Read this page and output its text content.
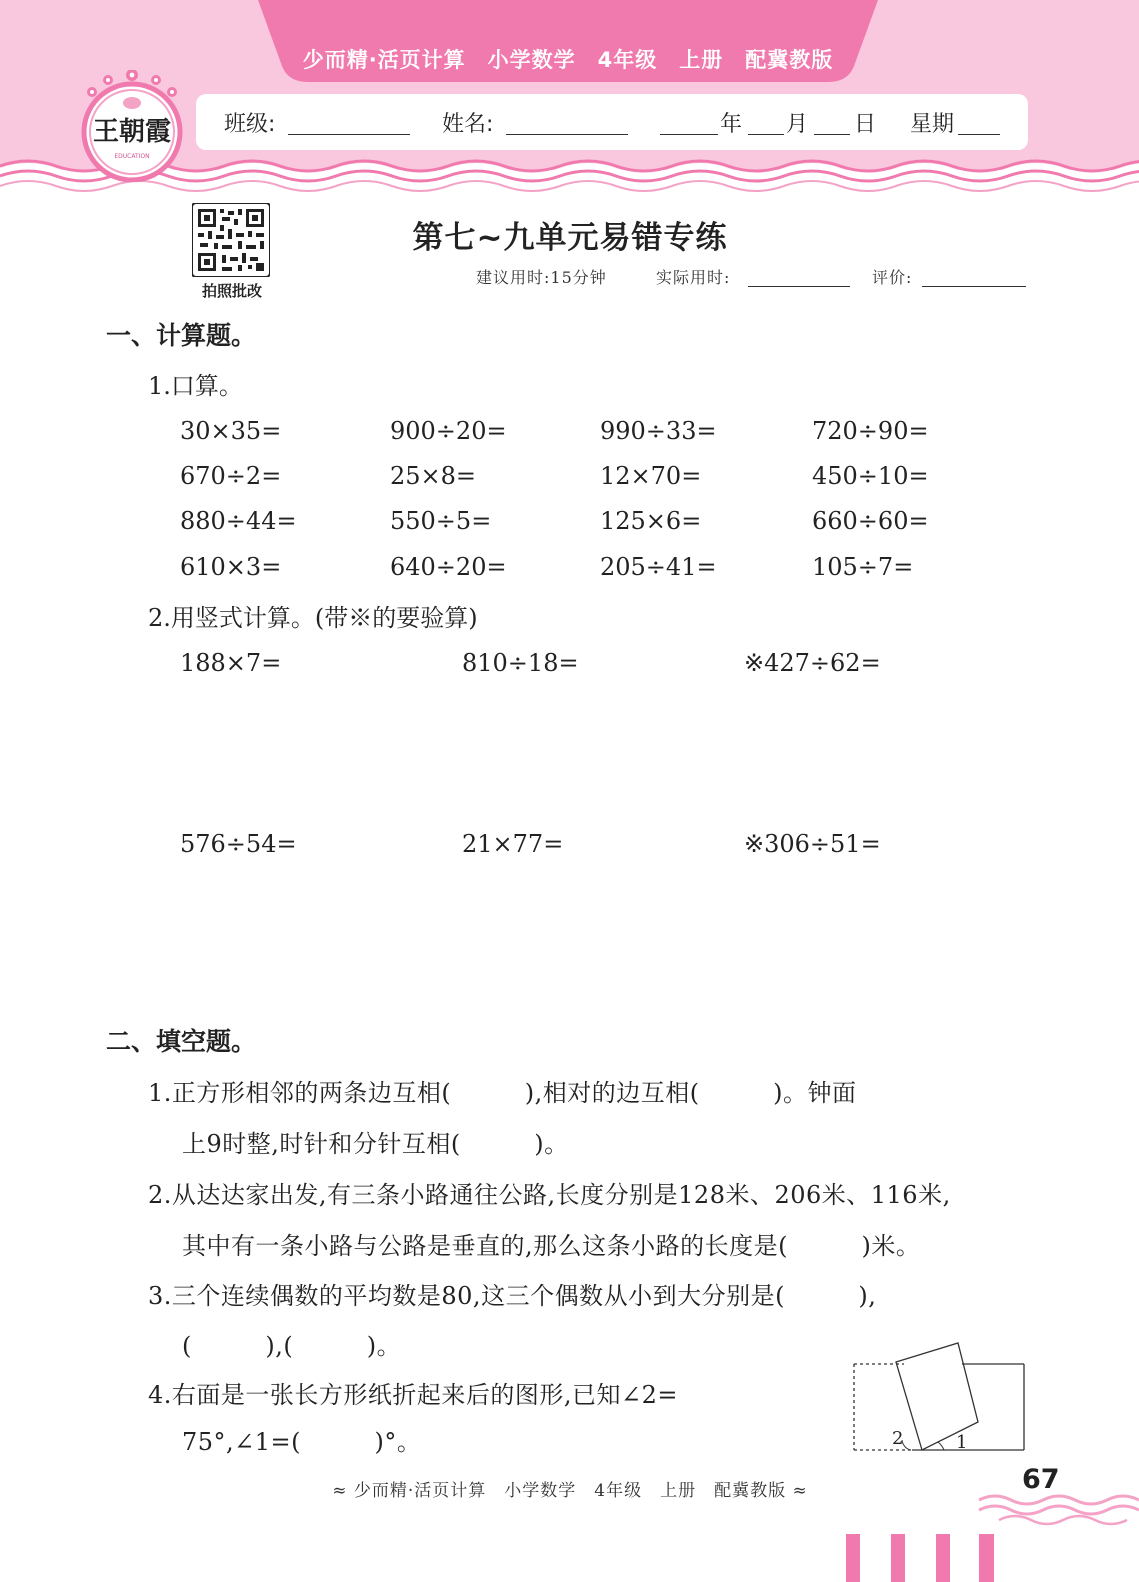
少而精·活页计算　小学数学　4年级　上册　配冀教版
班级:	姓名:	年 月 日 星期
王朝霞
EDUCATION
拍照批改
第七~九单元易错专练
建议用时:15分钟	实际用时:	评价:
一、计算题。
1.口算。
30×35=	900÷20=	990÷33=	720÷90=
670÷2=	25×8=	12×70=	450÷10=
880÷44=	550÷5=	125×6=	660÷60=
610×3=	640÷20=	205÷41=	105÷7=
2.用竖式计算。(带※的要验算)
188×7=	810÷18=	※427÷62=
576÷54=	21×77=	※306÷51=
二、填空题。
1.正方形相邻的两条边互相(　　　),相对的边互相(　　　)。钟面
上9时整,时针和分针互相(　　　)。
2.从达达家出发,有三条小路通往公路,长度分别是128米、206米、116米,
其中有一条小路与公路是垂直的,那么这条小路的长度是(　　　)米。
3.三个连续偶数的平均数是80,这三个偶数从小到大分别是(　　　),
(　　　),(　　　)。
4.右面是一张长方形纸折起来后的图形,已知∠2=
75°,∠1=(　　　)°。	2	1
≈ 少而精·活页计算　小学数学　4年级　上册　配冀教版 ≈	67
